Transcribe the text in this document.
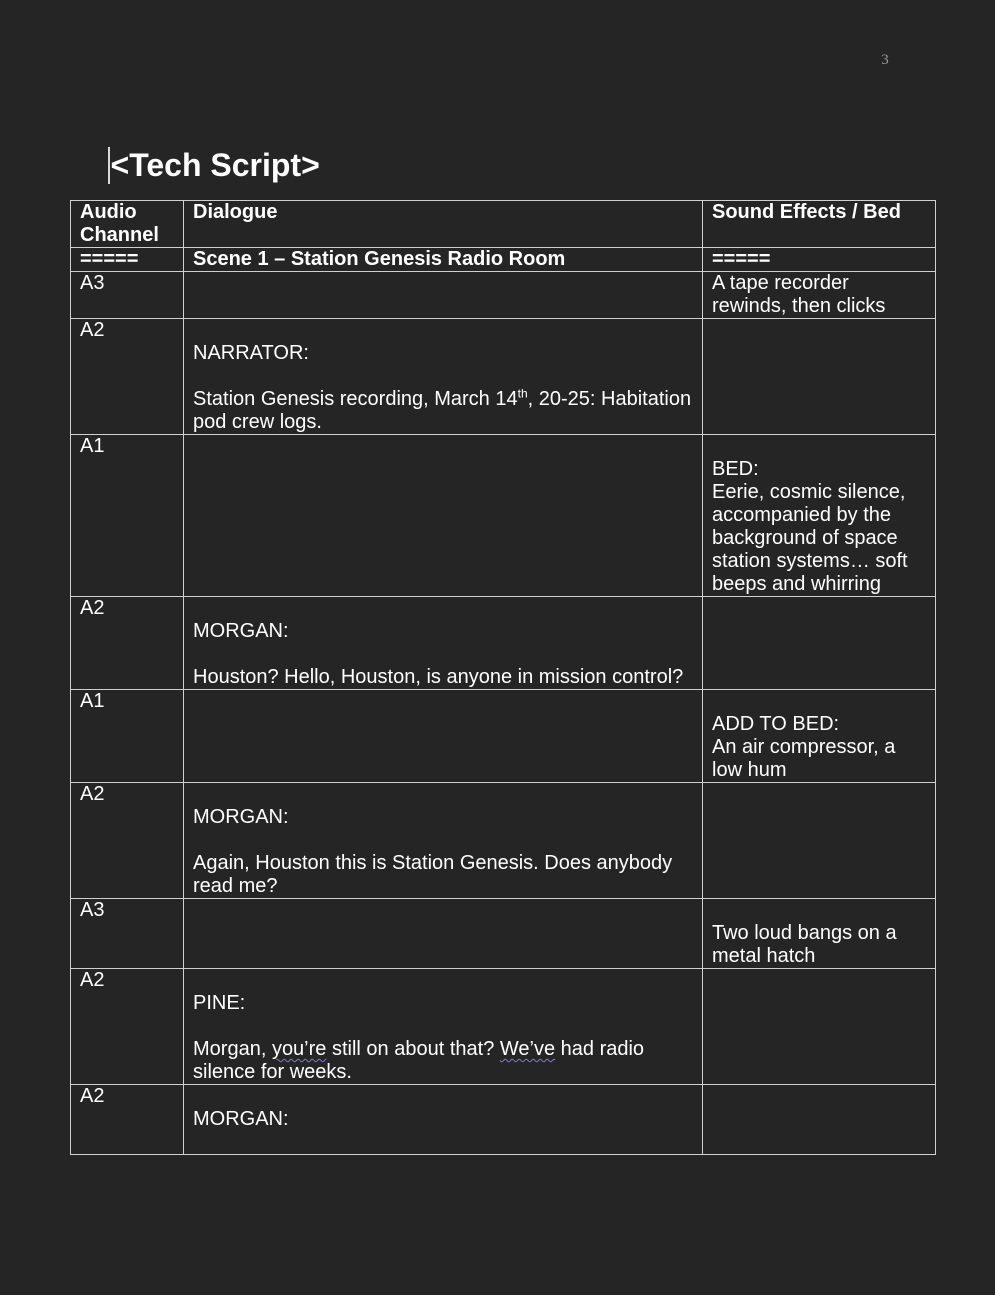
3
<Tech Script>
Audio Channel	Dialogue	Sound Effects / Bed
=====	Scene 1 – Station Genesis Radio Room	=====
A3		A tape recorder rewinds, then clicks
A2	NARRATOR:
Station Genesis recording, March 14th, 20-25: Habitation pod crew logs.	
A1		BED:
Eerie, cosmic silence, accompanied by the background of space station systems… soft beeps and whirring
A2	MORGAN:
Houston? Hello, Houston, is anyone in mission control?	
A1		ADD TO BED:
An air compressor, a low hum
A2	MORGAN:
Again, Houston this is Station Genesis. Does anybody read me?	
A3		Two loud bangs on a metal hatch
A2	PINE:
Morgan, you’re still on about that? We’ve had radio silence for weeks.	
A2	MORGAN:	
